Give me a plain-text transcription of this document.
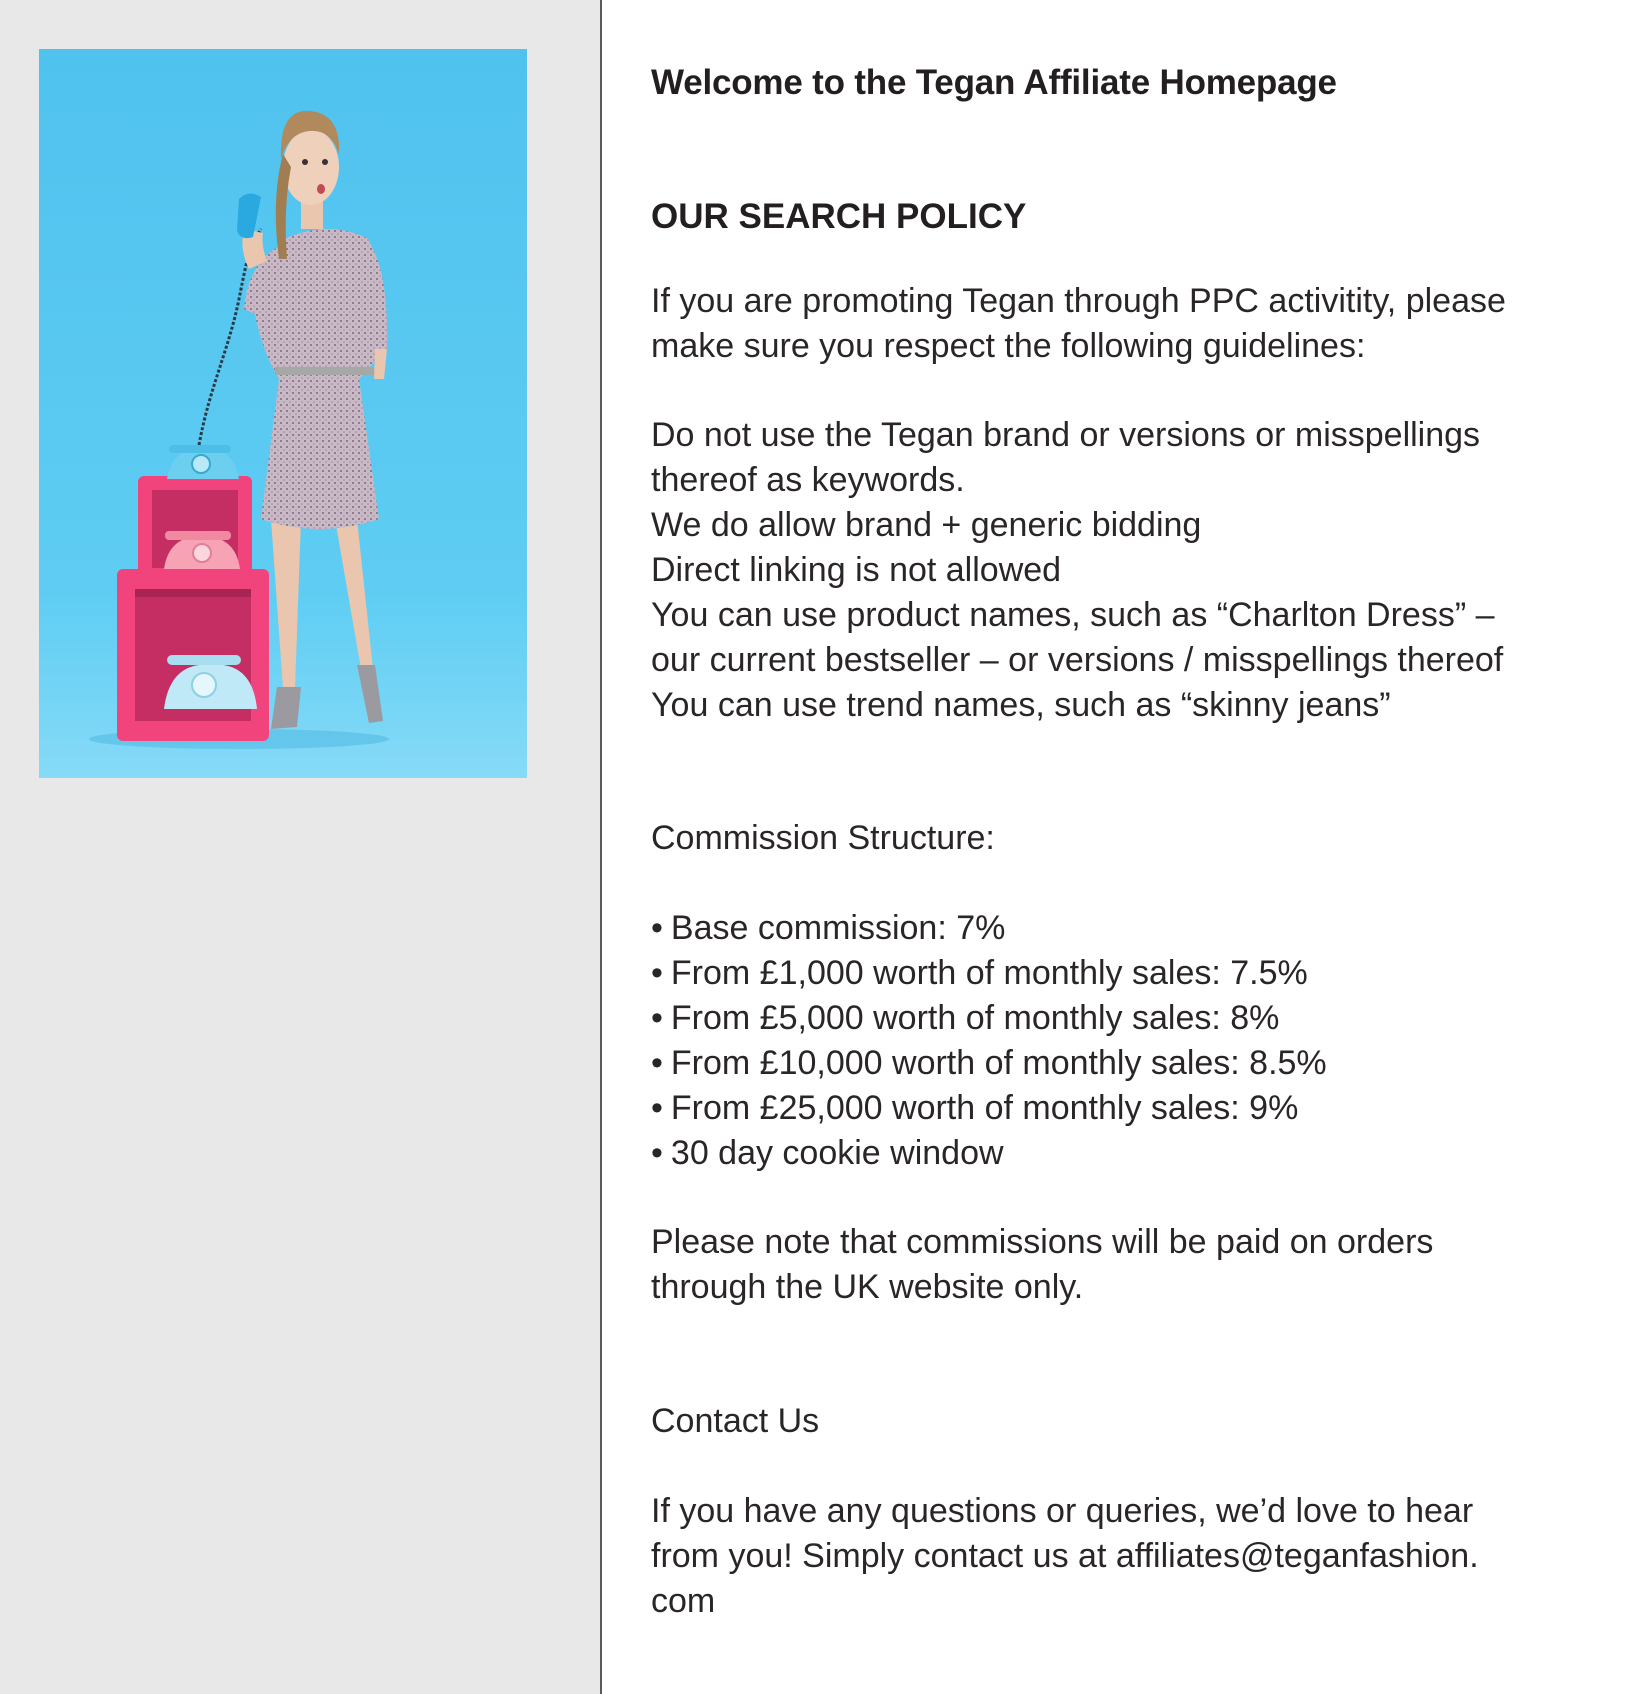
Welcome to the Tegan Affiliate Homepage
OUR SEARCH POLICY
If you are promoting Tegan through PPC activitity, please
make sure you respect the following guidelines:
Do not use the Tegan brand or versions or misspellings
thereof as keywords.
We do allow brand + generic bidding
Direct linking is not allowed
You can use product names, such as “Charlton Dress” –
our current bestseller – or versions / misspellings thereof
You can use trend names, such as “skinny jeans”
Commission Structure:
• Base commission: 7%
• From £1,000 worth of monthly sales: 7.5%
• From £5,000 worth of monthly sales: 8%
• From £10,000 worth of monthly sales: 8.5%
• From £25,000 worth of monthly sales: 9%
• 30 day cookie window
Please note that commissions will be paid on orders
through the UK website only.
Contact Us
If you have any questions or queries, we’d love to hear
from you! Simply contact us at affiliates@teganfashion.
com
